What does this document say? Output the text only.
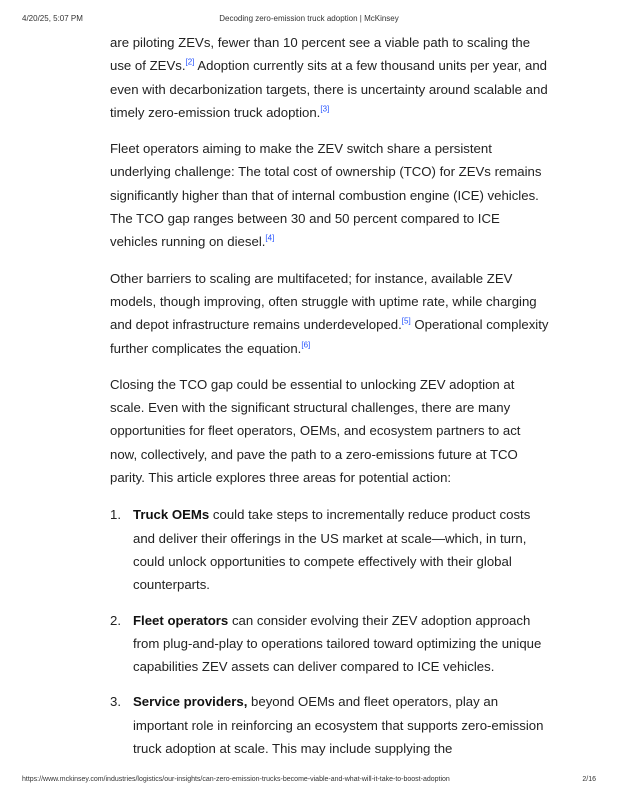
4/20/25, 5:07 PM	Decoding zero-emission truck adoption | McKinsey

are piloting ZEVs, fewer than 10 percent see a viable path to scaling the use of ZEVs.[2] Adoption currently sits at a few thousand units per year, and even with decarbonization targets, there is uncertainty around scalable and timely zero-emission truck adoption.[3]

Fleet operators aiming to make the ZEV switch share a persistent underlying challenge: The total cost of ownership (TCO) for ZEVs remains significantly higher than that of internal combustion engine (ICE) vehicles. The TCO gap ranges between 30 and 50 percent compared to ICE vehicles running on diesel.[4]

Other barriers to scaling are multifaceted; for instance, available ZEV models, though improving, often struggle with uptime rate, while charging and depot infrastructure remains underdeveloped.[5] Operational complexity further complicates the equation.[6]

Closing the TCO gap could be essential to unlocking ZEV adoption at scale. Even with the significant structural challenges, there are many opportunities for fleet operators, OEMs, and ecosystem partners to act now, collectively, and pave the path to a zero-emissions future at TCO parity. This article explores three areas for potential action:

1. Truck OEMs could take steps to incrementally reduce product costs and deliver their offerings in the US market at scale—which, in turn, could unlock opportunities to compete effectively with their global counterparts.
2. Fleet operators can consider evolving their ZEV adoption approach from plug-and-play to operations tailored toward optimizing the unique capabilities ZEV assets can deliver compared to ICE vehicles.
3. Service providers, beyond OEMs and fleet operators, play an important role in reinforcing an ecosystem that supports zero-emission truck adoption at scale. This may include supplying the
https://www.mckinsey.com/industries/logistics/our-insights/can-zero-emission-trucks-become-viable-and-what-will-it-take-to-boost-adoption	2/16
